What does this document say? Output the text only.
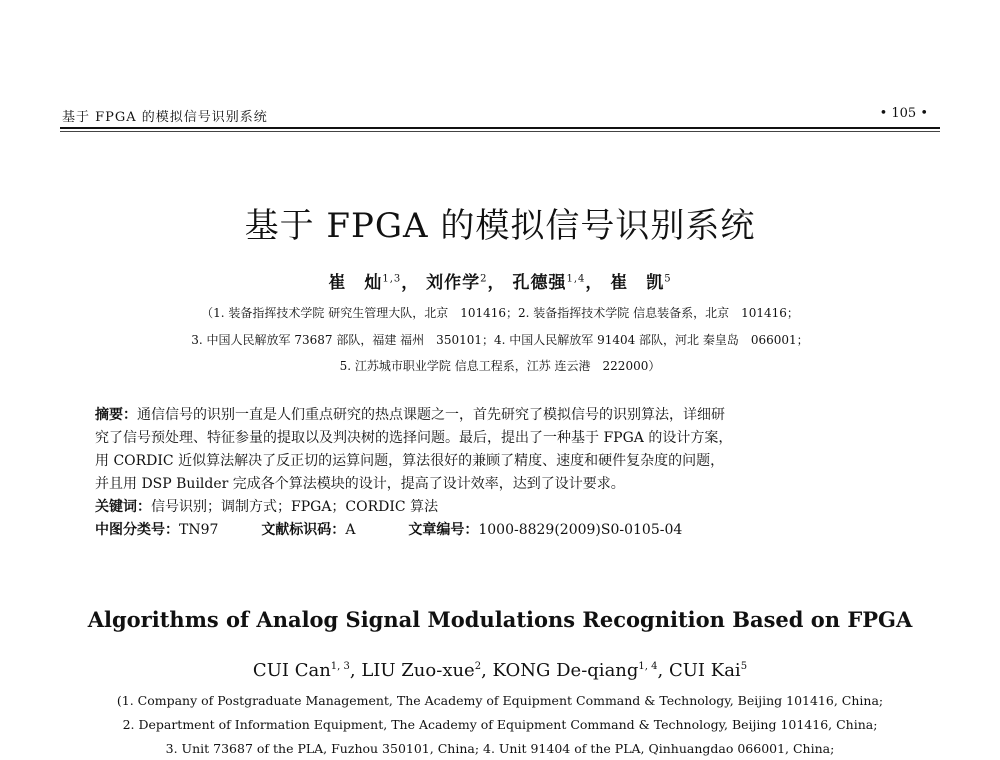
基于 FPGA 的模拟信号识别系统	• 105 •
基于 FPGA 的模拟信号识别系统
崔　灿$^{1,3}$， 刘作学$^2$， 孔德强$^{1,4}$， 崔　凯$^5$
（1. 装备指挥技术学院 研究生管理大队，北京　101416；2. 装备指挥技术学院 信息装备系，北京　101416；
3. 中国人民解放军 73687 部队，福建 福州　350101；4. 中国人民解放军 91404 部队，河北 秦皇岛　066001；
5. 江苏城市职业学院 信息工程系，江苏 连云港　222000）
摘要：通信信号的识别一直是人们重点研究的热点课题之一，首先研究了模拟信号的识别算法，详细研
究了信号预处理、特征参量的提取以及判决树的选择问题。最后，提出了一种基于 FPGA 的设计方案，
用 CORDIC 近似算法解决了反正切的运算问题，算法很好的兼顾了精度、速度和硬件复杂度的问题，
并且用 DSP Builder 完成各个算法模块的设计，提高了设计效率，达到了设计要求。
关键词：信号识别；调制方式；FPGA；CORDIC 算法
中图分类号：TN97	文献标识码：A	文章编号：1000-8829(2009)S0-0105-04
Algorithms of Analog Signal Modulations Recognition Based on FPGA
CUI Can$^{1, 3}$, LIU Zuo-xue$^2$, KONG De-qiang$^{1, 4}$, CUI Kai$^5$
(1. Company of Postgraduate Management, The Academy of Equipment Command & Technology, Beijing 101416, China;
2. Department of Information Equipment, The Academy of Equipment Command & Technology, Beijing 101416, China;
3. Unit 73687 of the PLA, Fuzhou 350101, China; 4. Unit 91404 of the PLA, Qinhuangdao 066001, China;
